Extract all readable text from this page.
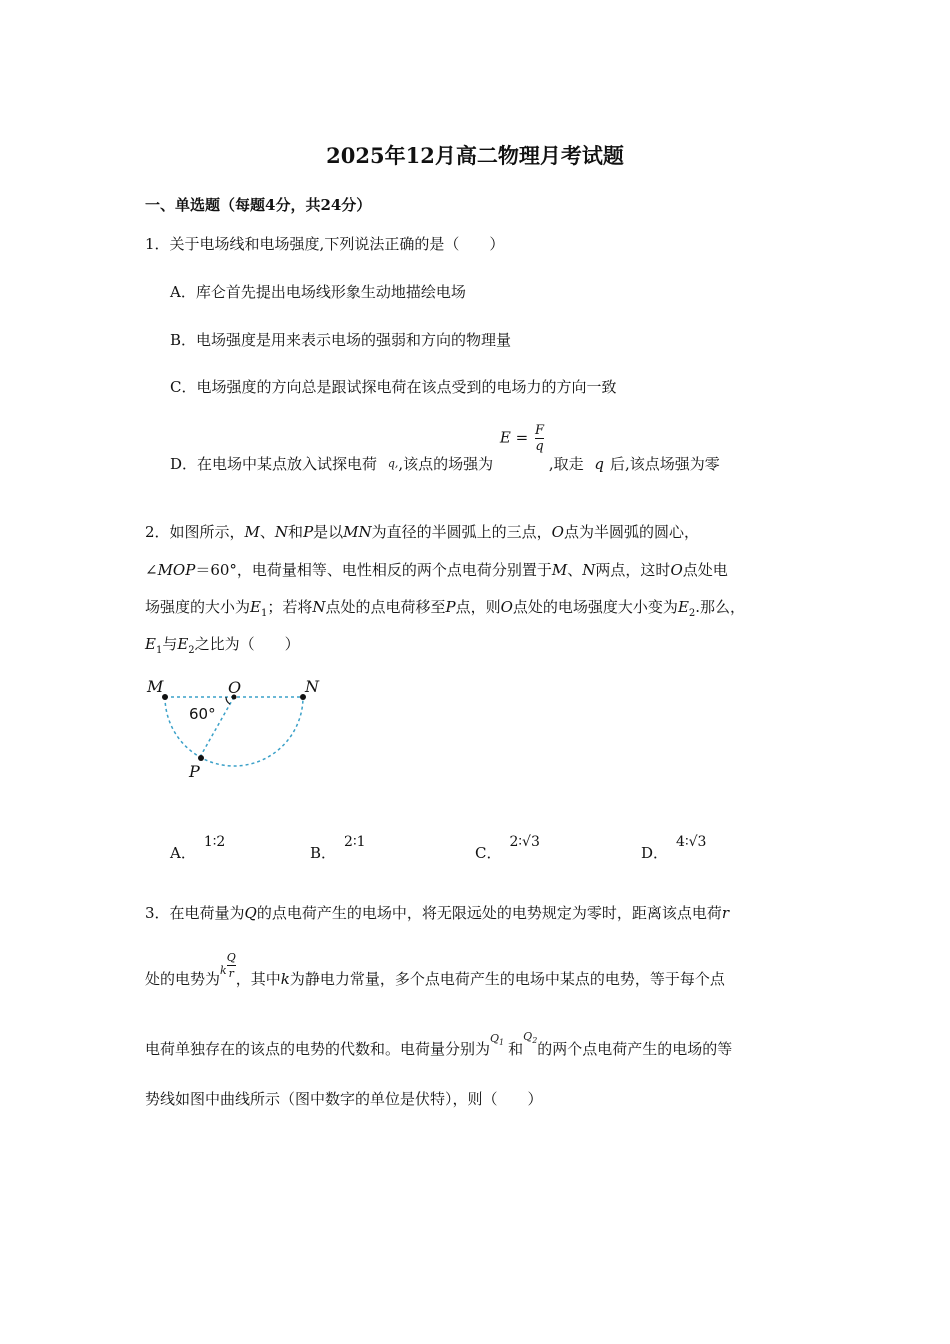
2025年12月高二物理月考试题
一、单选题（每题4分，共24分）
1．关于电场线和电场强度,下列说法正确的是（　　）
A．库仑首先提出电场线形象生动地描绘电场
B．电场强度是用来表示电场的强弱和方向的物理量
C．电场强度的方向总是跟试探电荷在该点受到的电场力的方向一致
D．在电场中某点放入试探电荷 $_{q,}$,该点的场强为 $E = \frac{F}{q}$
,取走 q 后,该点场强为零
2．如图所示，M、N和P是以MN为直径的半圆弧上的三点，O点为半圆弧的圆心，
∠MOP＝60°，电荷量相等、电性相反的两个点电荷分别置于M、N两点，这时O点处电
场强度的大小为$E_1$；若将N点处的点电荷移至P点，则O点处的电场强度大小变为$E_2$.那么，
$E_1$与$E_2$之比为（　　）
M	O	N
P
60°
A．1∶2
B．2∶1
C．2∶√3
D．4∶√3
3．在电荷量为Q的点电荷产生的电场中，将无限远处的电势规定为零时，距离该点电荷r
处的电势为$_k \frac{Q}{r}$ ，其中k为静电力常量，多个点电荷产生的电场中某点的电势，等于每个点
电荷单独存在的该点的电势的代数和。电荷量分别为$Q_1$ 和$Q_2$的两个点电荷产生的电场的等
势线如图中曲线所示（图中数字的单位是伏特），则（　　）
